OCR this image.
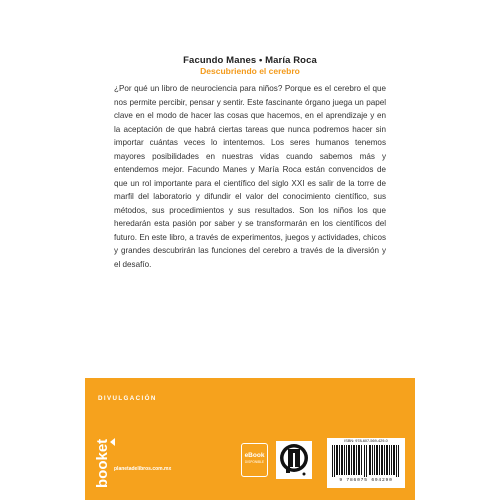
Facundo Manes • María Roca
Descubriendo el cerebro

¿Por qué un libro de neurociencia para niños? Porque es el cerebro el que nos permite percibir, pensar y sentir. Este fascinante órgano juega un papel clave en el modo de hacer las cosas que hacemos, en el aprendizaje y en la aceptación de que habrá ciertas tareas que nunca podremos hacer sin importar cuántas veces lo intentemos. Los seres humanos tenemos mayores posibilidades en nuestras vidas cuando sabemos más y entendemos mejor. Facundo Manes y María Roca están convencidos de que un rol importante para el científico del siglo XXI es salir de la torre de marfil del laboratorio y difundir el valor del conocimiento científico, sus métodos, sus procedimientos y sus resultados. Son los niños los que heredarán esta pasión por saber y se transformarán en los científicos del futuro. En este libro, a través de experimentos, juegos y actividades, chicos y grandes descubrirán las funciones del cerebro a través de la diversión y el desafío.

DIVULGACIÓN
booket planetadelibros.com.mx
eBook
DISPONIBLE
ISBN: 978-607-569-429-0
9 786075 694290
